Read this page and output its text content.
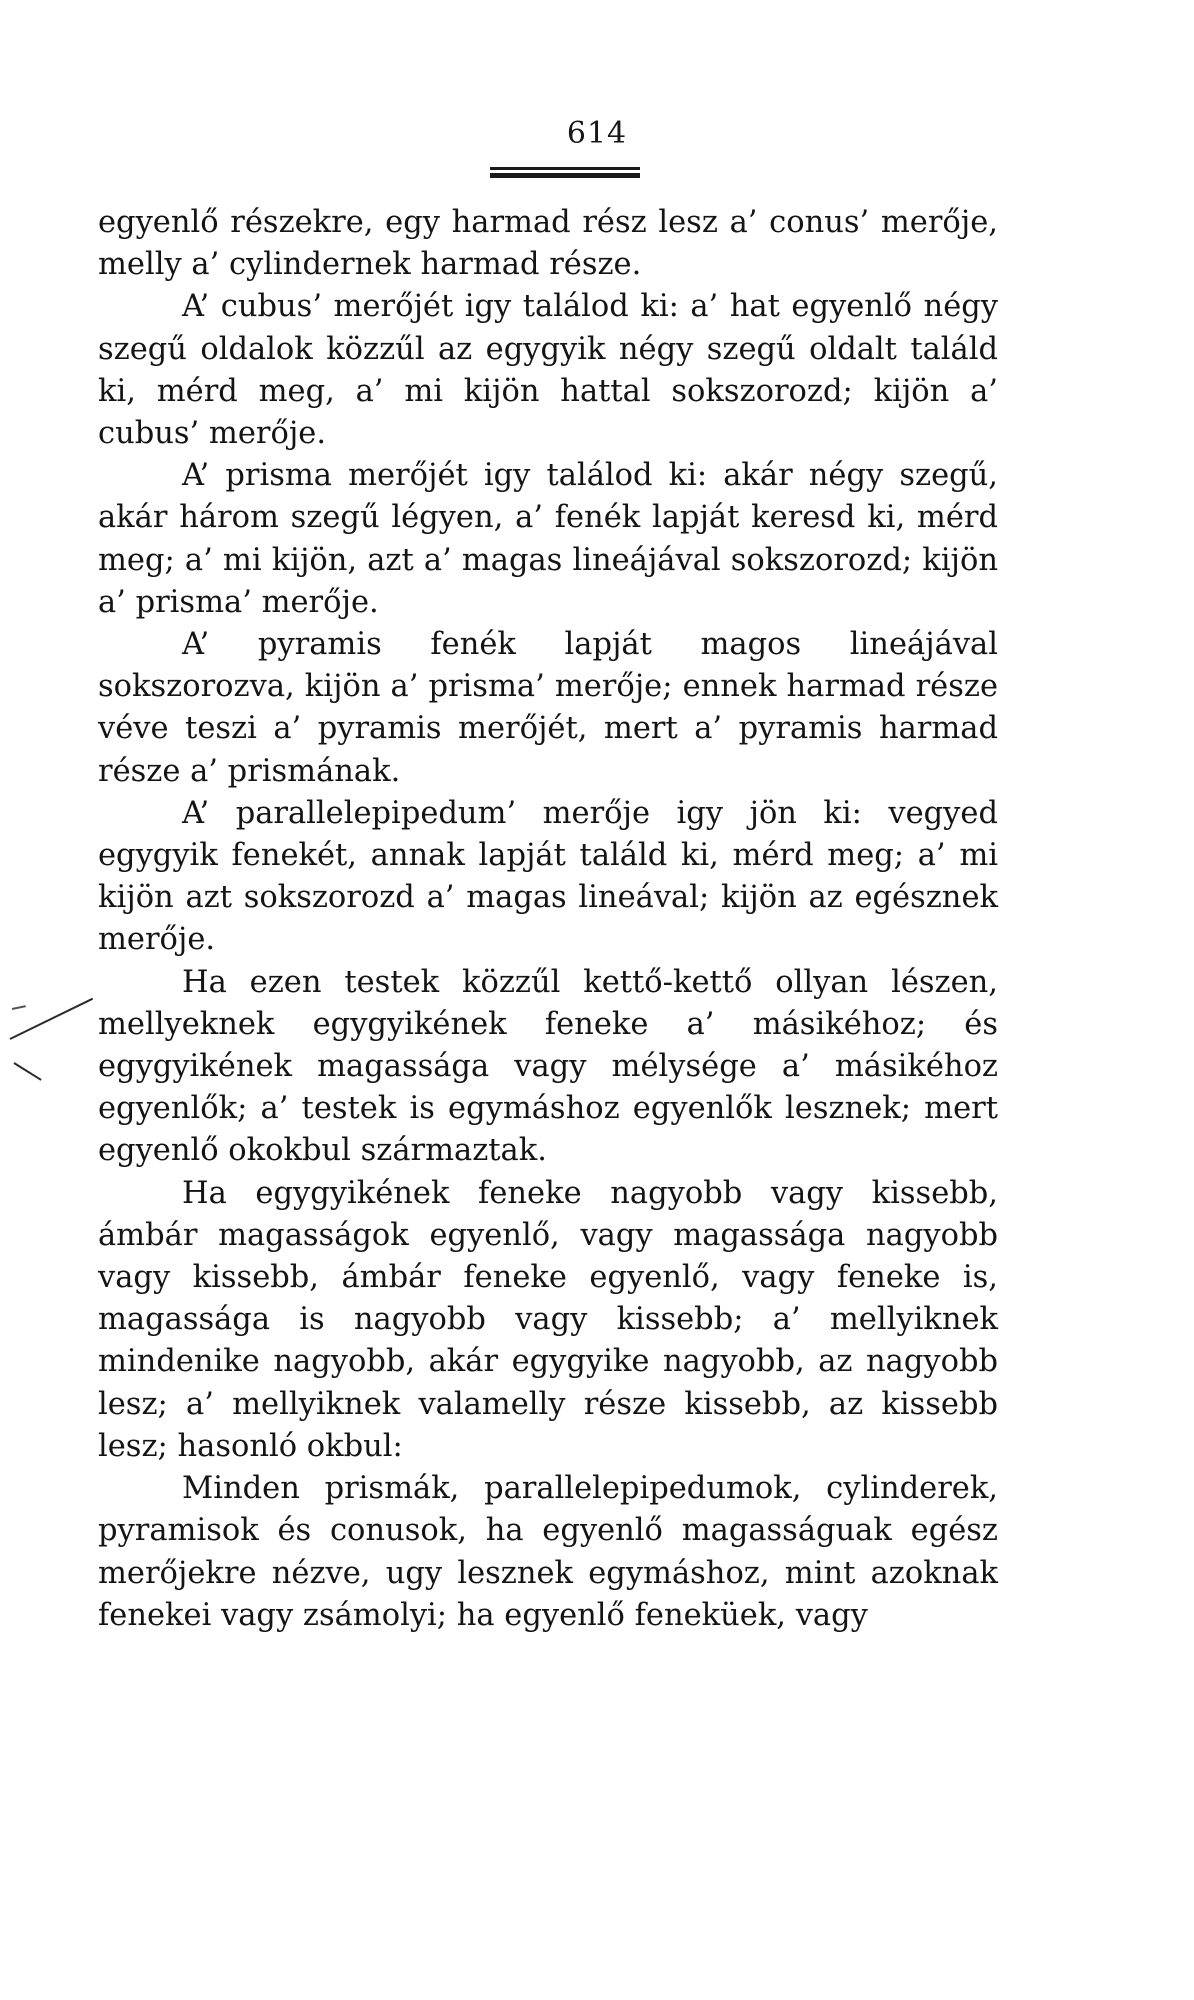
614

egyenlő részekre, egy harmad rész lesz a’ conus’ merője, melly a’ cylindernek harmad része.

A’ cubus’ merőjét igy találod ki: a’ hat egyenlő négy szegű oldalok közzűl az egygyik négy szegű oldalt találd ki, mérd meg, a’ mi kijön hattal sokszorozd; kijön a’ cubus’ merője.

A’ prisma merőjét igy találod ki: akár négy szegű, akár három szegű légyen, a’ fenék lapját keresd ki, mérd meg; a’ mi kijön, azt a’ magas lineájával sokszorozd; kijön a’ prisma’ merője.

A’ pyramis fenék lapját magos lineájával sokszorozva, kijön a’ prisma’ merője; ennek harmad része véve teszi a’ pyramis merőjét, mert a’ pyramis harmad része a’ prismának.

A’ parallelepipedum’ merője igy jön ki: vegyed egygyik fenekét, annak lapját találd ki, mérd meg; a’ mi kijön azt sokszorozd a’ magas lineával; kijön az egésznek merője.

Ha ezen testek közzűl kettő-kettő ollyan lészen, mellyeknek egygyikének feneke a’ másikéhoz; és egygyikének magassága vagy mélysége a’ másikéhoz egyenlők; a’ testek is egymáshoz egyenlők lesznek; mert egyenlő okokbul származtak.

Ha egygyikének feneke nagyobb vagy kissebb, ámbár magasságok egyenlő, vagy magassága nagyobb vagy kissebb, ámbár feneke egyenlő, vagy feneke is, magassága is nagyobb vagy kissebb; a’ mellyiknek mindenike nagyobb, akár egygyike nagyobb, az nagyobb lesz; a’ mellyiknek valamelly része kissebb, az kissebb lesz; hasonló okbul:

Minden prismák, parallelepipedumok, cylinderek, pyramisok és conusok, ha egyenlő magasságuak egész merőjekre nézve, ugy lesznek egymáshoz, mint azoknak fenekei vagy zsámolyi; ha egyenlő feneküek, vagy
